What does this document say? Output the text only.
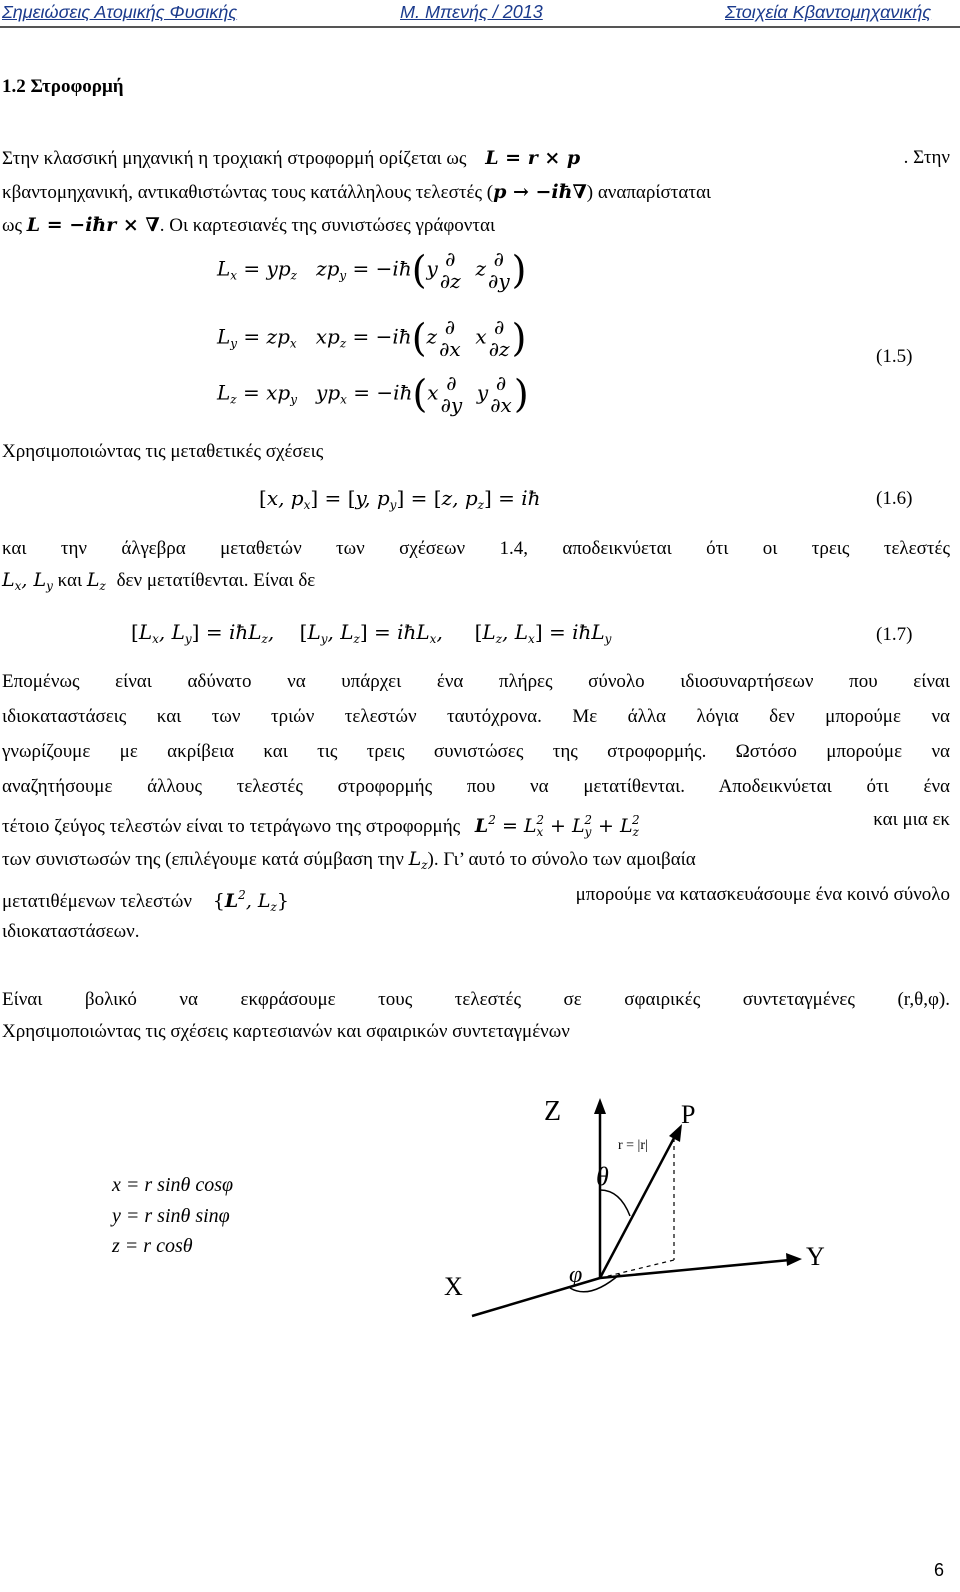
Σημειώσεις Ατομικής Φυσικής	Μ. Μπενής / 2013	Στοιχεία Κβαντομηχανικής
1.2 Στροφορμή
Στην κλασσική μηχανική η τροχιακή στροφορμή ορίζεται ως L = r × p	. Στην
κβαντομηχανική, αντικαθιστώντας τους κατάλληλους τελεστές (p → −iħ∇) αναπαρίσταται
ως L = −iħr × ∇. Οι καρτεσιανές της συνιστώσες γράφονται
$L_x = yp_z$ $zp_y$ = −iħ(y ∂
∂z
z ∂
∂y )
$L_y = zp_x$ $xp_z$ = −iħ(z ∂
∂x
x ∂
∂z )	(1.5)
$L_z = xp_y$ $yp_x$ = −iħ(x ∂
∂y
y ∂
∂x )
Χρησιμοποιώντας τις μεταθετικές σχέσεις
[x, $p_x] = [y$, $p_y] = [z$, $p_z$] = iħ	(1.6)
και την άλγεβρα μεταθετών των σχέσεων 1.4, αποδεικνύεται ότι οι τρεις τελεστές
$L_x$, $L_y$ και $L_z$ δεν μετατίθενται. Είναι δε
[$L_x$, $L_y$] = iħL$_z$,    [$L_y$, $L_z$] = iħL$_x$,     [$L_z$, $L_x$] = iħL$_y$	(1.7)
Επομένως είναι αδύνατο να υπάρχει ένα πλήρες σύνολο ιδιοσυναρτήσεων που είναι
ιδιοκαταστάσεις και των τριών τελεστών ταυτόχρονα. Με άλλα λόγια δεν μπορούμε να
γνωρίζουμε με ακρίβεια και τις τρεις συνιστώσες της στροφορμής. Ωστόσο μπορούμε να
αναζητήσουμε άλλους τελεστές στροφορμής που να μετατίθενται. Αποδεικνύεται ότι ένα
τέτοιο ζεύγος τελεστών είναι το τετράγωνο της στροφορμής $L^2 = L_x^2 + L_y^2 + L_z^2$	και μια εκ
των συνιστωσών της (επιλέγουμε κατά σύμβαση την $L_z$). Γι’ αυτό το σύνολο των αμοιβαία
μετατιθέμενων τελεστών {$L^2$, $L_z$}	μπορούμε να κατασκευάσουμε ένα κοινό σύνολο
ιδιοκαταστάσεων.
Είναι βολικό να εκφράσουμε τους τελεστές σε σφαιρικές συντεταγμένες (r,θ,φ).
Χρησιμοποιώντας τις σχέσεις καρτεσιανών και σφαιρικών συντεταγμένων
x = r sinθ cosφ
y = r sinθ sinφ
z = r cosθ
Z	P
r = |r|
θ
φ
Y
X
6
